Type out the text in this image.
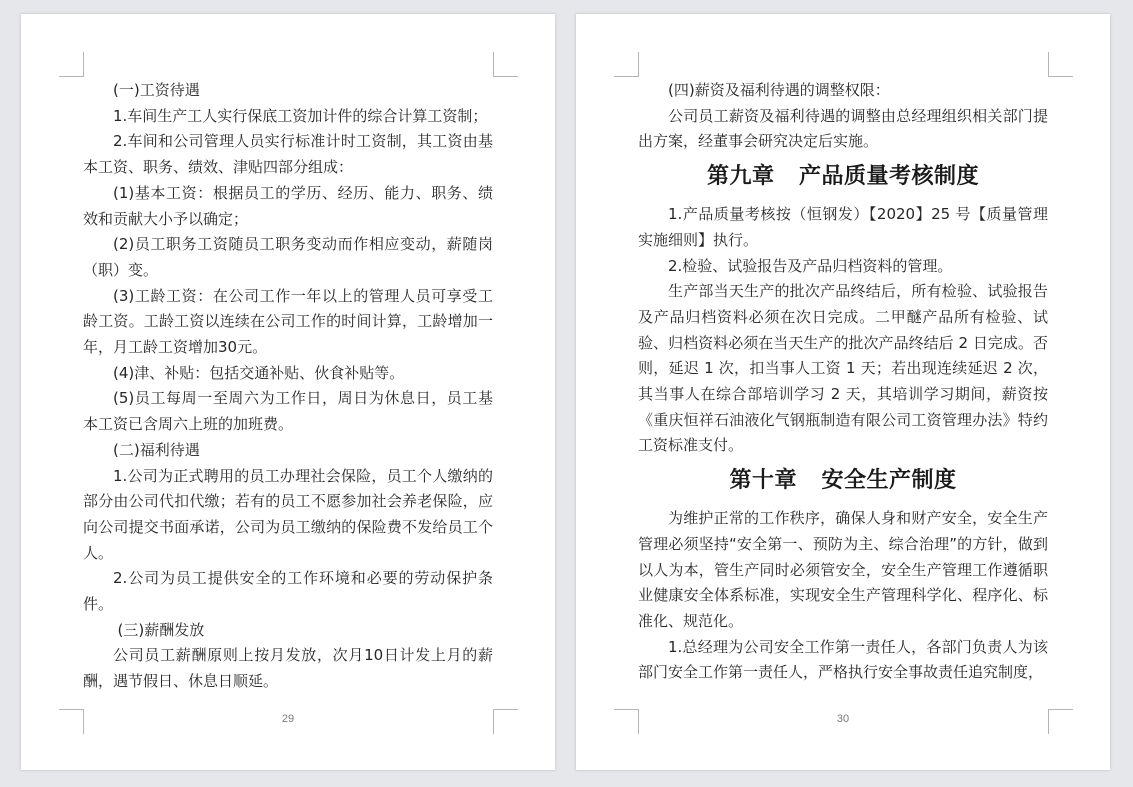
(一)工资待遇

1.车间生产工人实行保底工资加计件的综合计算工资制；

2.车间和公司管理人员实行标准计时工资制，其工资由基本工资、职务、绩效、津贴四部分组成：

(1)基本工资：根据员工的学历、经历、能力、职务、绩效和贡献大小予以确定；

(2)员工职务工资随员工职务变动而作相应变动，薪随岗（职）变。

(3)工龄工资：在公司工作一年以上的管理人员可享受工龄工资。工龄工资以连续在公司工作的时间计算，工龄增加一年，月工龄工资增加30元。

(4)津、补贴：包括交通补贴、伙食补贴等。

(5)员工每周一至周六为工作日，周日为休息日，员工基本工资已含周六上班的加班费。

(二)福利待遇

1.公司为正式聘用的员工办理社会保险，员工个人缴纳的部分由公司代扣代缴；若有的员工不愿参加社会养老保险，应向公司提交书面承诺，公司为员工缴纳的保险费不发给员工个人。

2.公司为员工提供安全的工作环境和必要的劳动保护条件。

(三)薪酬发放

公司员工薪酬原则上按月发放，次月10日计发上月的薪酬，遇节假日、休息日顺延。

29

(四)薪资及福利待遇的调整权限：

公司员工薪资及福利待遇的调整由总经理组织相关部门提出方案，经董事会研究决定后实施。

第九章   产品质量考核制度

1.产品质量考核按（恒钢发）【2020】25 号【质量管理实施细则】执行。

2.检验、试验报告及产品归档资料的管理。

生产部当天生产的批次产品终结后，所有检验、试验报告及产品归档资料必须在次日完成。二甲醚产品所有检验、试验、归档资料必须在当天生产的批次产品终结后 2 日完成。否则，延迟 1 次，扣当事人工资 1 天；若出现连续延迟 2 次，其当事人在综合部培训学习 2 天，其培训学习期间，薪资按《重庆恒祥石油液化气钢瓶制造有限公司工资管理办法》特约工资标准支付。

第十章   安全生产制度

为维护正常的工作秩序，确保人身和财产安全，安全生产管理必须坚持“安全第一、预防为主、综合治理”的方针，做到以人为本，管生产同时必须管安全，安全生产管理工作遵循职业健康安全体系标准，实现安全生产管理科学化、程序化、标准化、规范化。

1.总经理为公司安全工作第一责任人，各部门负责人为该部门安全工作第一责任人，严格执行安全事故责任追究制度，

30
